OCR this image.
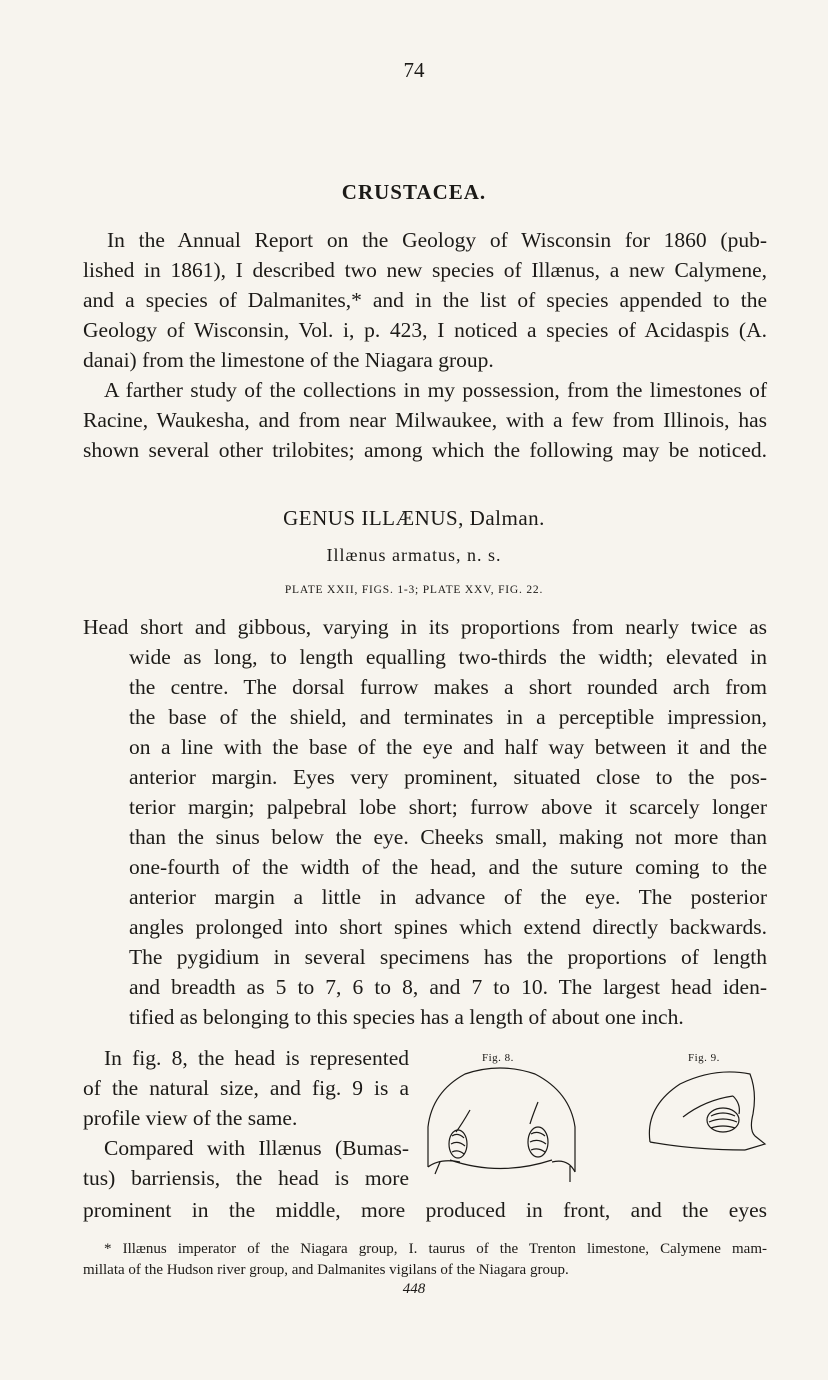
74
CRUSTACEA.
In the Annual Report on the Geology of Wisconsin for 1860 (pub-
lished in 1861), I described two new species of Illænus, a new Calymene,
and a species of Dalmanites,* and in the list of species appended to the
Geology of Wisconsin, Vol. i, p. 423, I noticed a species of Acidaspis (A.
danai) from the limestone of the Niagara group.
A farther study of the collections in my possession, from the limestones of
Racine, Waukesha, and from near Milwaukee, with a few from Illinois, has
shown several other trilobites; among which the following may be noticed.
GENUS ILLÆNUS, Dalman.
Illænus armatus, n. s.
PLATE XXII, FIGS. 1-3; PLATE XXV, FIG. 22.
Head short and gibbous, varying in its proportions from nearly twice as
wide as long, to length equalling two-thirds the width; elevated in
the centre. The dorsal furrow makes a short rounded arch from
the base of the shield, and terminates in a perceptible impression,
on a line with the base of the eye and half way between it and the
anterior margin. Eyes very prominent, situated close to the pos-
terior margin; palpebral lobe short; furrow above it scarcely longer
than the sinus below the eye. Cheeks small, making not more than
one-fourth of the width of the head, and the suture coming to the
anterior margin a little in advance of the eye. The posterior
angles prolonged into short spines which extend directly backwards.
The pygidium in several specimens has the proportions of length
and breadth as 5 to 7, 6 to 8, and 7 to 10. The largest head iden-
tified as belonging to this species has a length of about one inch.
In fig. 8, the head is represented
of the natural size, and fig. 9 is a
profile view of the same.
Compared with Illænus (Bumas-
tus) barriensis, the head is more
prominent in the middle, more produced in front, and the eyes
Fig. 8.	Fig. 9.
* Illænus imperator of the Niagara group, I. taurus of the Trenton limestone, Calymene mam-
millata of the Hudson river group, and Dalmanites vigilans of the Niagara group.
448
